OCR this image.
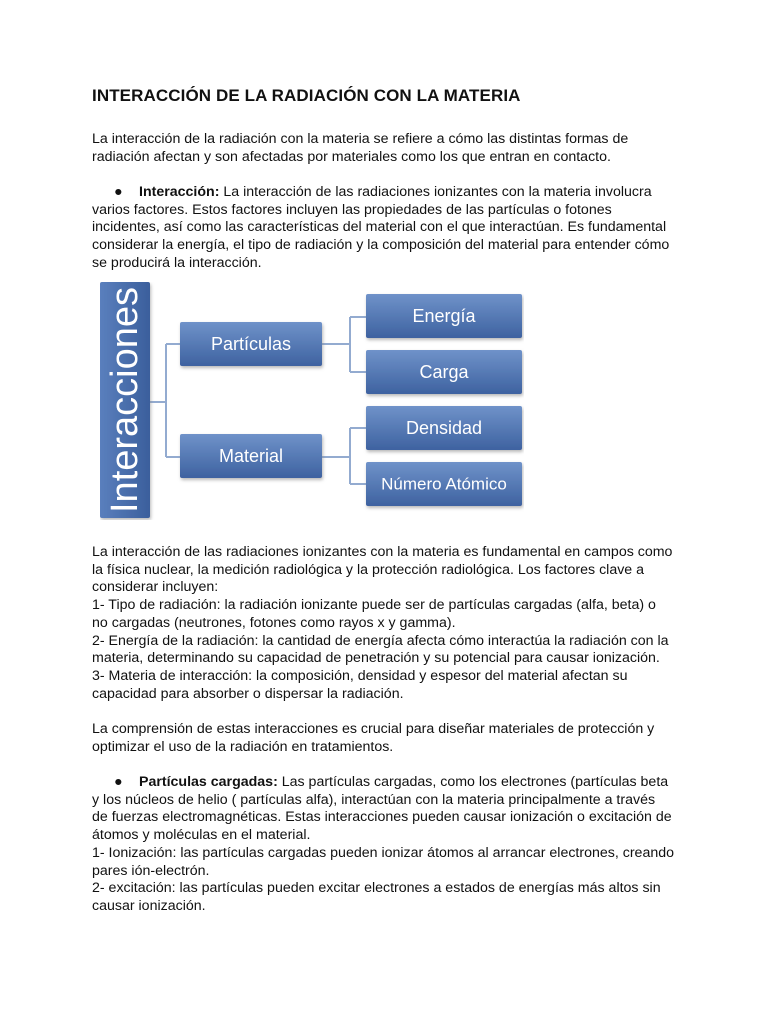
INTERACCIÓN DE LA RADIACIÓN CON LA MATERIA

La interacción de la radiación con la materia se refiere a cómo las distintas formas de
radiación afectan y son afectadas por materiales como los que entran en contacto.

● Interacción: La interacción de las radiaciones ionizantes con la materia involucra
varios factores. Estos factores incluyen las propiedades de las partículas o fotones
incidentes, así como las características del material con el que interactúan. Es fundamental
considerar la energía, el tipo de radiación y la composición del material para entender cómo
se producirá la interacción.

Interacciones	Partículas
Material
Energía
Carga
Densidad
Número Atómico

La interacción de las radiaciones ionizantes con la materia es fundamental en campos como
la física nuclear, la medición radiológica y la protección radiológica. Los factores clave a
considerar incluyen:
1- Tipo de radiación: la radiación ionizante puede ser de partículas cargadas (alfa, beta) o
no cargadas (neutrones, fotones como rayos x y gamma).
2- Energía de la radiación: la cantidad de energía afecta cómo interactúa la radiación con la
materia, determinando su capacidad de penetración y su potencial para causar ionización.
3- Materia de interacción: la composición, densidad y espesor del material afectan su
capacidad para absorber o dispersar la radiación.

La comprensión de estas interacciones es crucial para diseñar materiales de protección y
optimizar el uso de la radiación en tratamientos.

● Partículas cargadas: Las partículas cargadas, como los electrones (partículas beta
y los núcleos de helio ( partículas alfa), interactúan con la materia principalmente a través
de fuerzas electromagnéticas. Estas interacciones pueden causar ionización o excitación de
átomos y moléculas en el material.
1- Ionización: las partículas cargadas pueden ionizar átomos al arrancar electrones, creando
pares ión-electrón.
2- excitación: las partículas pueden excitar electrones a estados de energías más altos sin
causar ionización.
